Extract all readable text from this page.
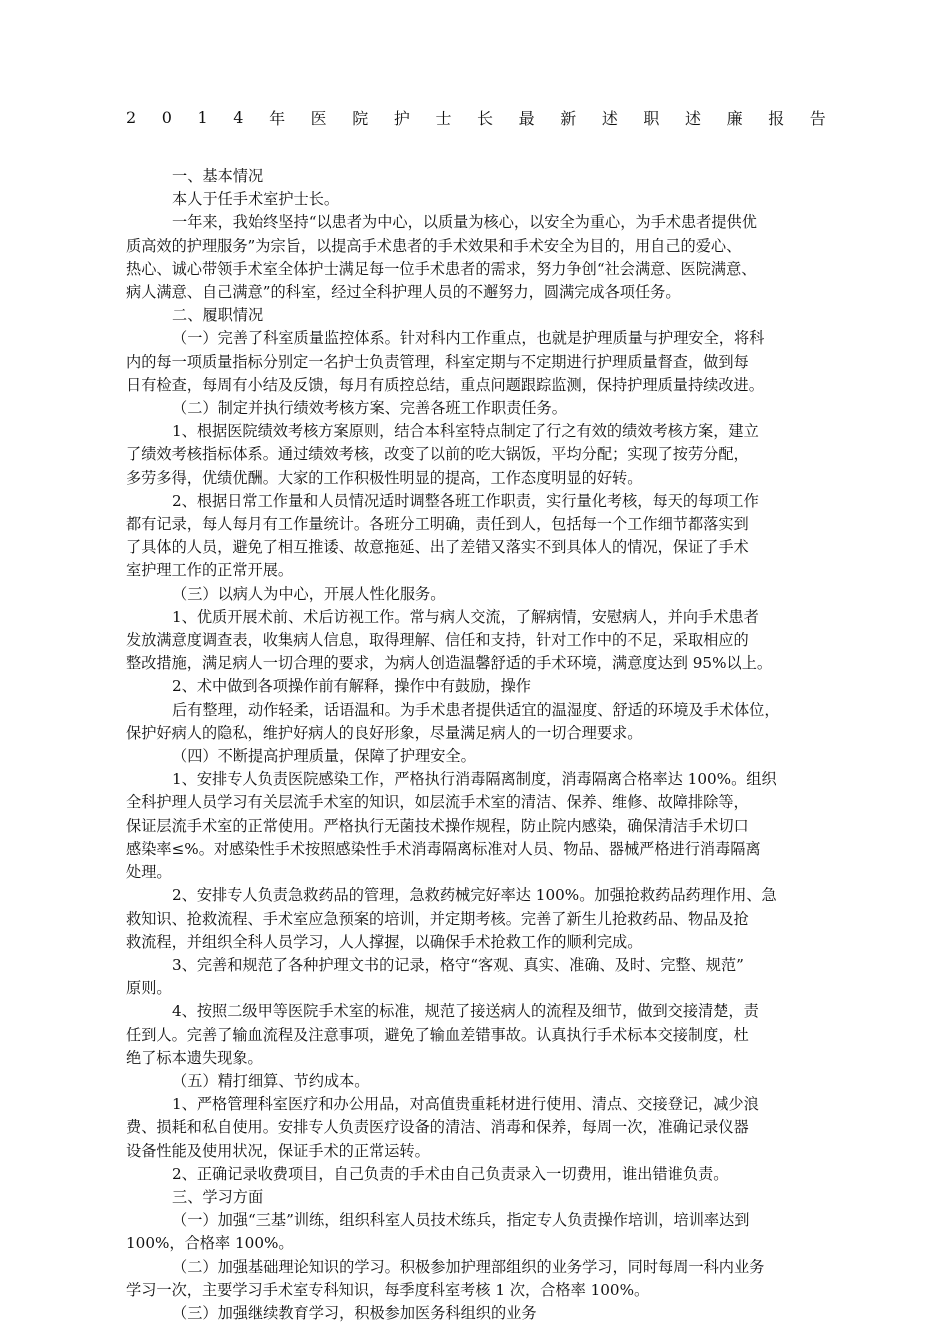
2 0 1 4 年 医 院 护 士 长 最 新 述 职 述 廉 报 告

一、基本情况

本人于任手术室护士长。

一年来，我始终坚持“以患者为中心，以质量为核心，以安全为重心，为手术患者提供优

质高效的护理服务”为宗旨，以提高手术患者的手术效果和手术安全为目的，用自己的爱心、

热心、诚心带领手术室全体护士满足每一位手术患者的需求，努力争创“社会满意、医院满意、

病人满意、自己满意”的科室，经过全科护理人员的不邂努力，圆满完成各项任务。

二、履职情况

（一）完善了科室质量监控体系。针对科内工作重点，也就是护理质量与护理安全，将科

内的每一项质量指标分别定一名护士负责管理，科室定期与不定期进行护理质量督查，做到每

日有检查，每周有小结及反馈，每月有质控总结，重点问题跟踪监测，保持护理质量持续改进。

（二）制定并执行绩效考核方案、完善各班工作职责任务。

1、根据医院绩效考核方案原则，结合本科室特点制定了行之有效的绩效考核方案，建立

了绩效考核指标体系。通过绩效考核，改变了以前的吃大锅饭，平均分配；实现了按劳分配，

多劳多得，优绩优酬。大家的工作积极性明显的提高，工作态度明显的好转。

2、根据日常工作量和人员情况适时调整各班工作职责，实行量化考核，每天的每项工作

都有记录，每人每月有工作量统计。各班分工明确，责任到人，包括每一个工作细节都落实到

了具体的人员，避免了相互推诿、故意拖延、出了差错又落实不到具体人的情况，保证了手术

室护理工作的正常开展。

（三）以病人为中心，开展人性化服务。

1、优质开展术前、术后访视工作。常与病人交流，了解病情，安慰病人，并向手术患者

发放满意度调查表，收集病人信息，取得理解、信任和支持，针对工作中的不足，采取相应的

整改措施，满足病人一切合理的要求，为病人创造温馨舒适的手术环境，满意度达到 95%以上。

2、术中做到各项操作前有解释，操作中有鼓励，操作

后有整理，动作轻柔，话语温和。为手术患者提供适宜的温湿度、舒适的环境及手术体位，

保护好病人的隐私，维护好病人的良好形象，尽量满足病人的一切合理要求。

（四）不断提高护理质量，保障了护理安全。

1、安排专人负责医院感染工作，严格执行消毒隔离制度，消毒隔离合格率达 100%。组织

全科护理人员学习有关层流手术室的知识，如层流手术室的清洁、保养、维修、故障排除等，

保证层流手术室的正常使用。严格执行无菌技术操作规程，防止院内感染，确保清洁手术切口

感染率≤%。对感染性手术按照感染性手术消毒隔离标准对人员、物品、器械严格进行消毒隔离

处理。

2、安排专人负责急救药品的管理，急救药械完好率达 100%。加强抢救药品药理作用、急

救知识、抢救流程、手术室应急预案的培训，并定期考核。完善了新生儿抢救药品、物品及抢

救流程，并组织全科人员学习，人人撑握，以确保手术抢救工作的顺利完成。

3、完善和规范了各种护理文书的记录，格守“客观、真实、准确、及时、完整、规范”

原则。

4、按照二级甲等医院手术室的标准，规范了接送病人的流程及细节，做到交接清楚，责

任到人。完善了输血流程及注意事项，避免了输血差错事故。认真执行手术标本交接制度，杜

绝了标本遗失现象。

（五）精打细算、节约成本。

1、严格管理科室医疗和办公用品，对高值贵重耗材进行使用、清点、交接登记，减少浪

费、损耗和私自使用。安排专人负责医疗设备的清洁、消毒和保养，每周一次，准确记录仪器

设备性能及使用状况，保证手术的正常运转。

2、正确记录收费项目，自己负责的手术由自己负责录入一切费用，谁出错谁负责。

三、学习方面

（一）加强“三基”训练，组织科室人员技术练兵，指定专人负责操作培训，培训率达到

100%，合格率 100%。

（二）加强基础理论知识的学习。积极参加护理部组织的业务学习，同时每周一科内业务

学习一次，主要学习手术室专科知识，每季度科室考核 1 次，合格率 100%。

（三）加强继续教育学习，积极参加医务科组织的业务
